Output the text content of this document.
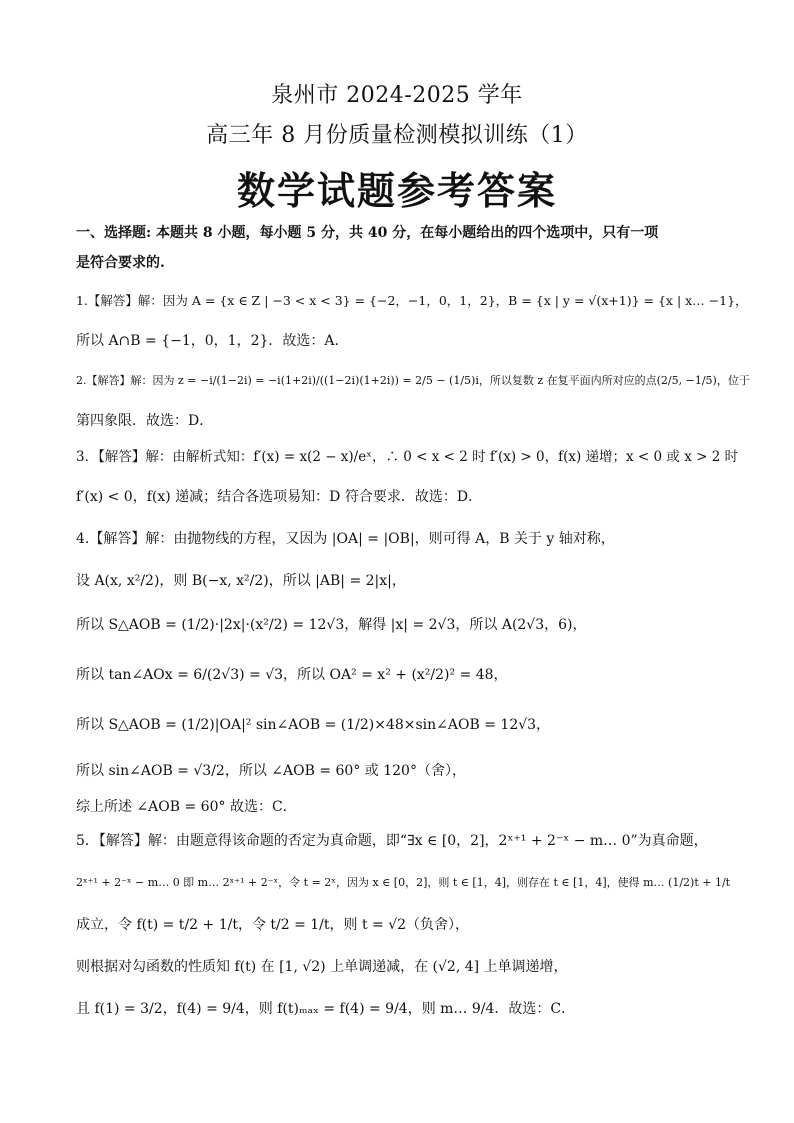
泉州市 2024-2025 学年
高三年 8 月份质量检测模拟训练（1）
数学试题参考答案
一、选择题: 本题共 8 小题，每小题 5 分，共 40 分，在每小题给出的四个选项中，只有一项
是符合要求的.
1.【解答】解：因为 A = {x ∈ Z | −3 < x < 3} = {−2，−1，0，1，2}，B = {x | y = √(x+1)} = {x | x… −1}，
所以 A∩B = {−1，0，1，2}．故选：A．
2.【解答】解：因为 z = −i/(1−2i) = −i(1+2i)/((1−2i)(1+2i)) = 2/5 − (1/5)i，所以复数 z 在复平面内所对应的点(2/5, −1/5)，位于
第四象限．故选：D．
3．【解答】解：由解析式知：f′(x) = x(2 − x)/eˣ，∴ 0 < x < 2 时 f′(x) > 0，f(x) 递增；x < 0 或 x > 2 时
f′(x) < 0，f(x) 递减；结合各选项易知：D 符合要求．故选：D．
4.【解答】解：由抛物线的方程，又因为 |OA| = |OB|，则可得 A，B 关于 y 轴对称，
设 A(x, x²/2)，则 B(−x, x²/2)，所以 |AB| = 2|x|，
所以 S△AOB = (1/2)·|2x|·(x²/2) = 12√3，解得 |x| = 2√3，所以 A(2√3，6)，
所以 tan∠AOx = 6/(2√3) = √3，所以 OA² = x² + (x²/2)² = 48，
所以 S△AOB = (1/2)|OA|² sin∠AOB = (1/2)×48×sin∠AOB = 12√3，
所以 sin∠AOB = √3/2，所以 ∠AOB = 60° 或 120°（舍），
综上所述 ∠AOB = 60° 故选：C．
5．【解答】解：由题意得该命题的否定为真命题，即“∃x ∈ [0，2]，2ˣ⁺¹ + 2⁻ˣ − m… 0”为真命题，
2ˣ⁺¹ + 2⁻ˣ − m… 0 即 m… 2ˣ⁺¹ + 2⁻ˣ，令 t = 2ˣ，因为 x ∈ [0，2]，则 t ∈ [1，4]，则存在 t ∈ [1，4]，使得 m… (1/2)t + 1/t
成立，令 f(t) = t/2 + 1/t，令 t/2 = 1/t，则 t = √2（负舍），
则根据对勾函数的性质知 f(t) 在 [1, √2) 上单调递减，在 (√2, 4] 上单调递增，
且 f(1) = 3/2，f(4) = 9/4，则 f(t)ₘₐₓ = f(4) = 9/4，则 m… 9/4．故选：C．
